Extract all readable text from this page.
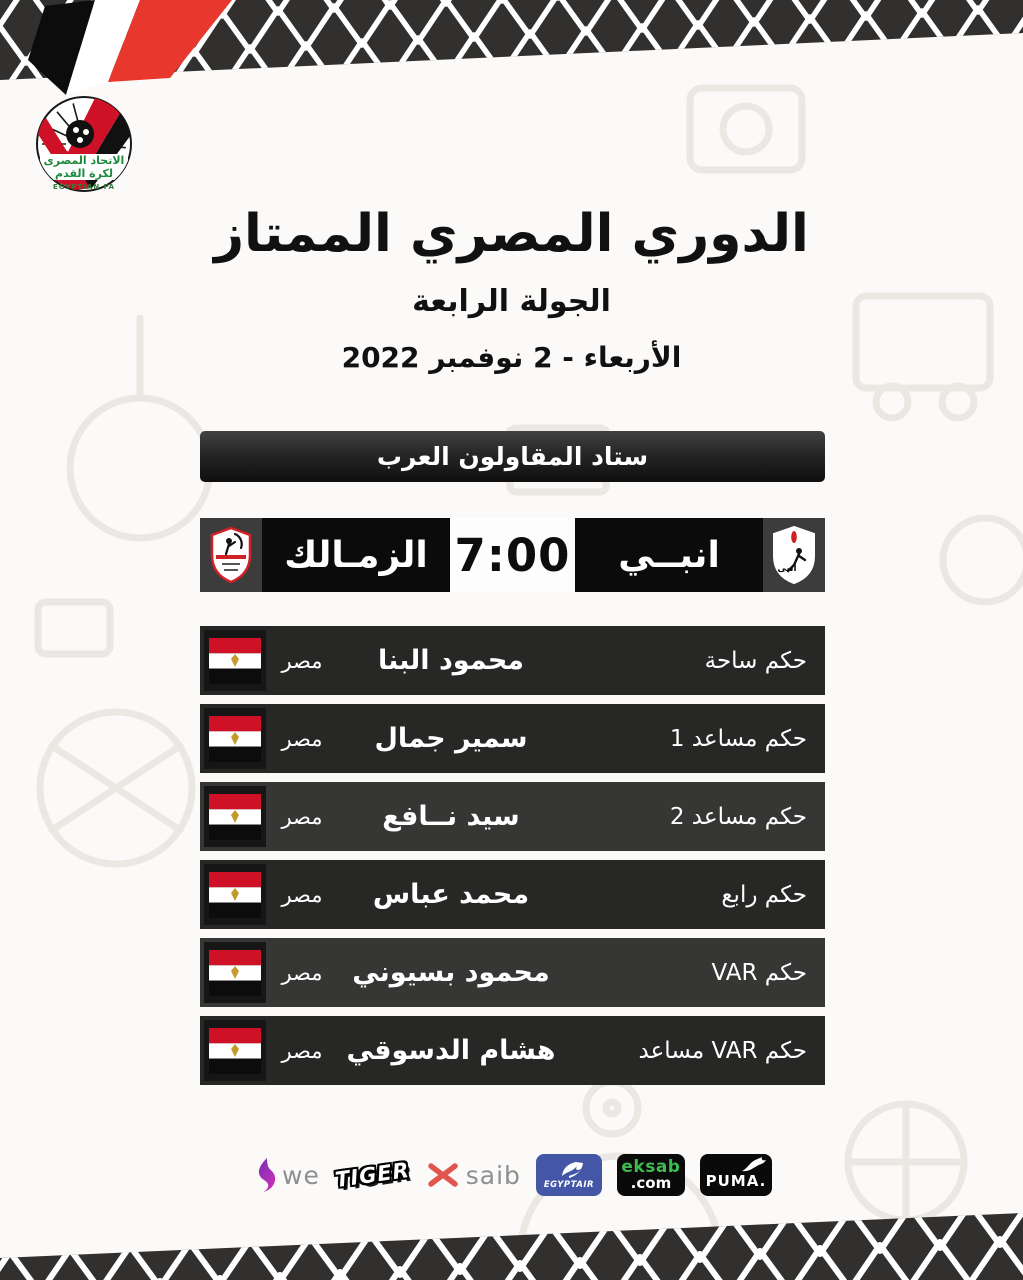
الاتحاد المصرى
لكرة القدم
EGYPTIAN FA
الدوري المصري الممتاز
الجولة الرابعة
الأربعاء - 2 نوفمبر 2022
ستاد المقاولون العرب
الزمـالك 7:00	انبــي	انبى
مصر	محمود البنا	حكم ساحة
مصر	سمير جمال	حكم مساعد 1
مصر	سيد نــافع	حكم مساعد 2
مصر	محمد عباس	حكم رابع
مصر	محمود بسيوني	حكم VAR
مصر هشام الدسوقي	حكم VAR مساعد
we TIGER saib	EGYPTAIR
eksab
.com PUMA.
